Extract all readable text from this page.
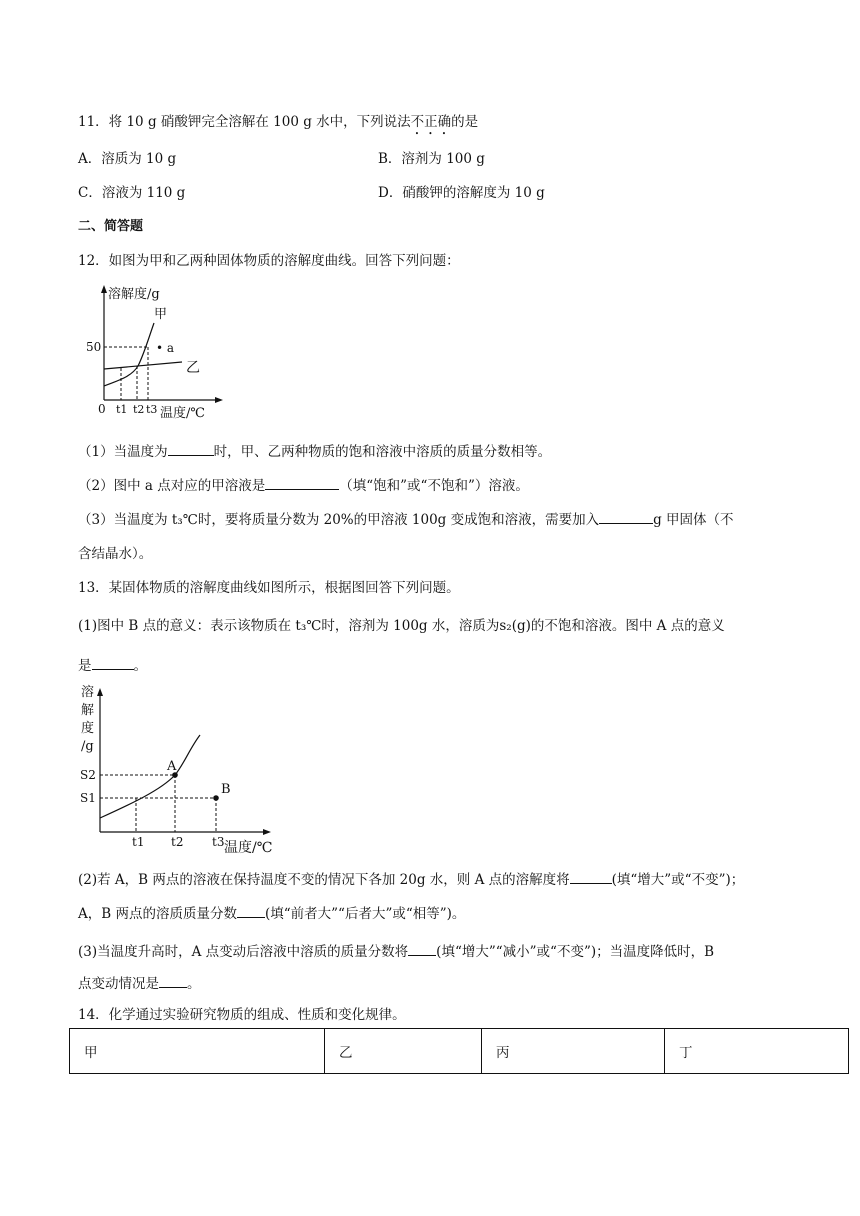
11．将 10 g 硝酸钾完全溶解在 100 g 水中，下列说法不正确的是
A．溶质为 10 g	B．溶剂为 100 g
C．溶液为 110 g	D．硝酸钾的溶解度为 10 g
二、简答题
12．如图为甲和乙两种固体物质的溶解度曲线。回答下列问题：
溶解度/g
甲
乙
• a
50
0 t1 t2 t3 温度/℃
（1）当温度为	时，甲、乙两种物质的饱和溶液中溶质的质量分数相等。
（2）图中 a 点对应的甲溶液是	（填“饱和”或“不饱和”）溶液。
（3）当温度为 t₃℃时，要将质量分数为 20%的甲溶液 100g 变成饱和溶液，需要加入	g 甲固体（不
含结晶水）。
13．某固体物质的溶解度曲线如图所示，根据图回答下列问题。
(1)图中 B 点的意义：表示该物质在 t₃℃时，溶剂为 100g 水，溶质为s₂(g)的不饱和溶液。图中 A 点的意义
是	。
A
B
溶
解
度
/g
S2
S1
t1 t2 t3 温度/℃
(2)若 A，B 两点的溶液在保持温度不变的情况下各加 20g 水，则 A 点的溶解度将	(填“增大”或“不变”)；
A，B 两点的溶质质量分数 (填“前者大”“后者大”或“相等”)。
(3)当温度升高时，A 点变动后溶液中溶质的质量分数将 (填“增大”“减小”或“不变”)；当温度降低时，B
点变动情况是 。
14．化学通过实验研究物质的组成、性质和变化规律。
甲	乙	丙	丁
